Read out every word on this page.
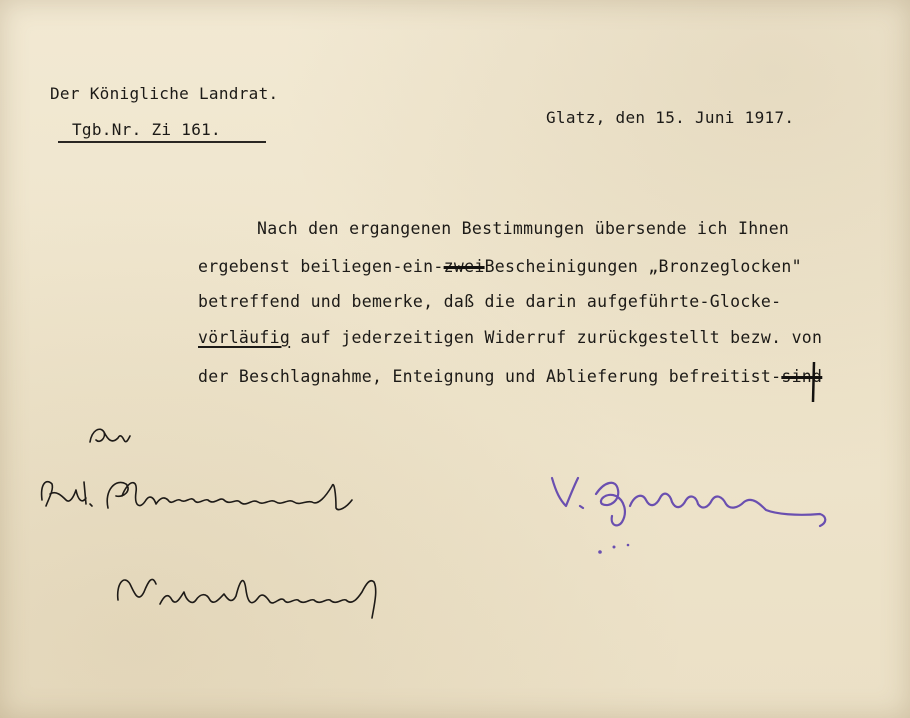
Der Königliche Landrat.
Tgb.Nr. Zi 161.
Glatz, den 15. Juni 1917.
Nach den ergangenen Bestimmungen übersende ich Ihnen
ergebenst beiliegen-ein-zweiBescheinigungen „Bronzeglocken"
betreffend und bemerke, daß die darin aufgeführte-Glocke-
vörläufig auf jederzeitigen Widerruf zurückgestellt bezw. von
der Beschlagnahme, Enteignung und Ablieferung befreitist-sind
